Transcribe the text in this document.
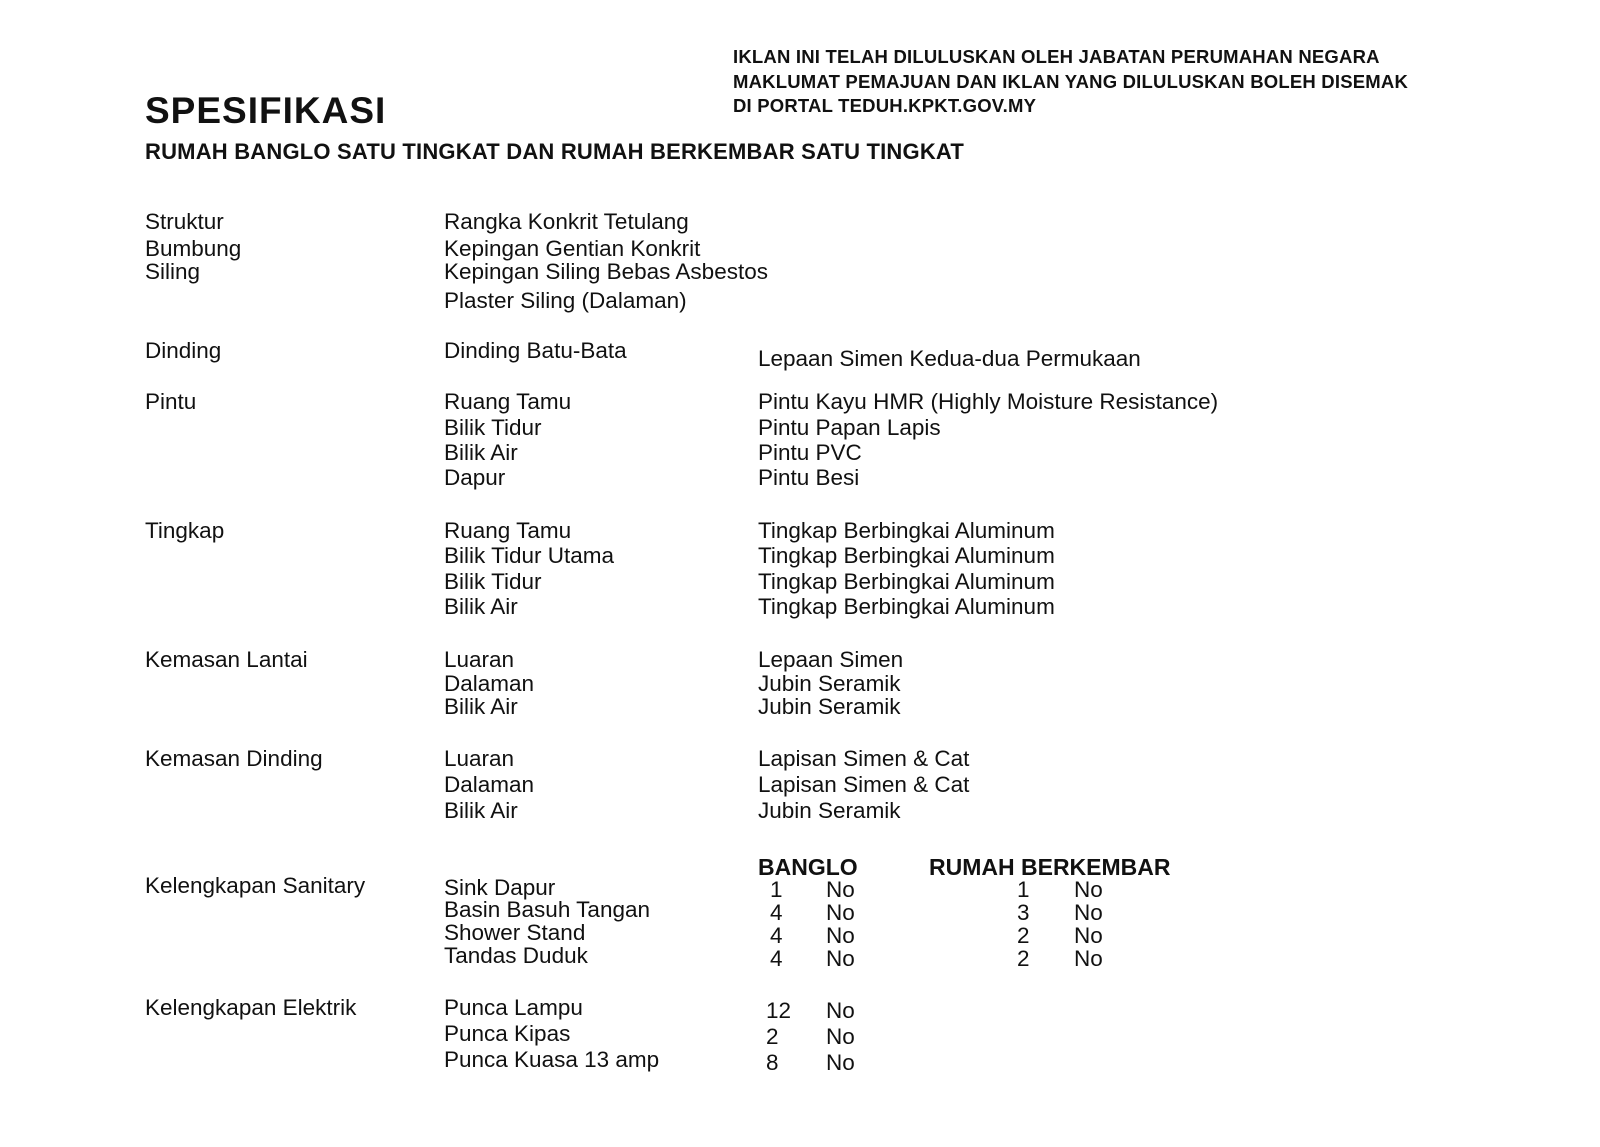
IKLAN INI TELAH DILULUSKAN OLEH JABATAN PERUMAHAN NEGARA
MAKLUMAT PEMAJUAN DAN IKLAN YANG DILULUSKAN BOLEH DISEMAK
DI PORTAL TEDUH.KPKT.GOV.MY
SPESIFIKASI
RUMAH BANGLO SATU TINGKAT DAN RUMAH BERKEMBAR SATU TINGKAT
Struktur	Rangka Konkrit Tetulang
Bumbung	Kepingan Gentian Konkrit
Siling	Kepingan Siling Bebas Asbestos
Plaster Siling (Dalaman)
Dinding	Dinding Batu-Bata	Lepaan Simen Kedua-dua Permukaan
Pintu	Ruang Tamu	Pintu Kayu HMR (Highly Moisture Resistance)
Bilik Tidur	Pintu Papan Lapis
Bilik Air	Pintu PVC
Dapur	Pintu Besi
Tingkap	Ruang Tamu	Tingkap Berbingkai Aluminum
Bilik Tidur Utama	Tingkap Berbingkai Aluminum
Bilik Tidur	Tingkap Berbingkai Aluminum
Bilik Air	Tingkap Berbingkai Aluminum
Kemasan Lantai	Luaran	Lepaan Simen
Dalaman	Jubin Seramik
Bilik Air	Jubin Seramik
Kemasan Dinding	Luaran	Lapisan Simen & Cat
Dalaman	Lapisan Simen & Cat
Bilik Air	Jubin Seramik
BANGLO	RUMAH BERKEMBAR
Kelengkapan Sanitary	Sink Dapur	1 No	1 No
Basin Basuh Tangan	4 No	3 No
Shower Stand	4 No	2 No
Tandas Duduk	4 No	2 No
Kelengkapan Elektrik	Punca Lampu	12 No
Punca Kipas	2 No
Punca Kuasa 13 amp	8 No
